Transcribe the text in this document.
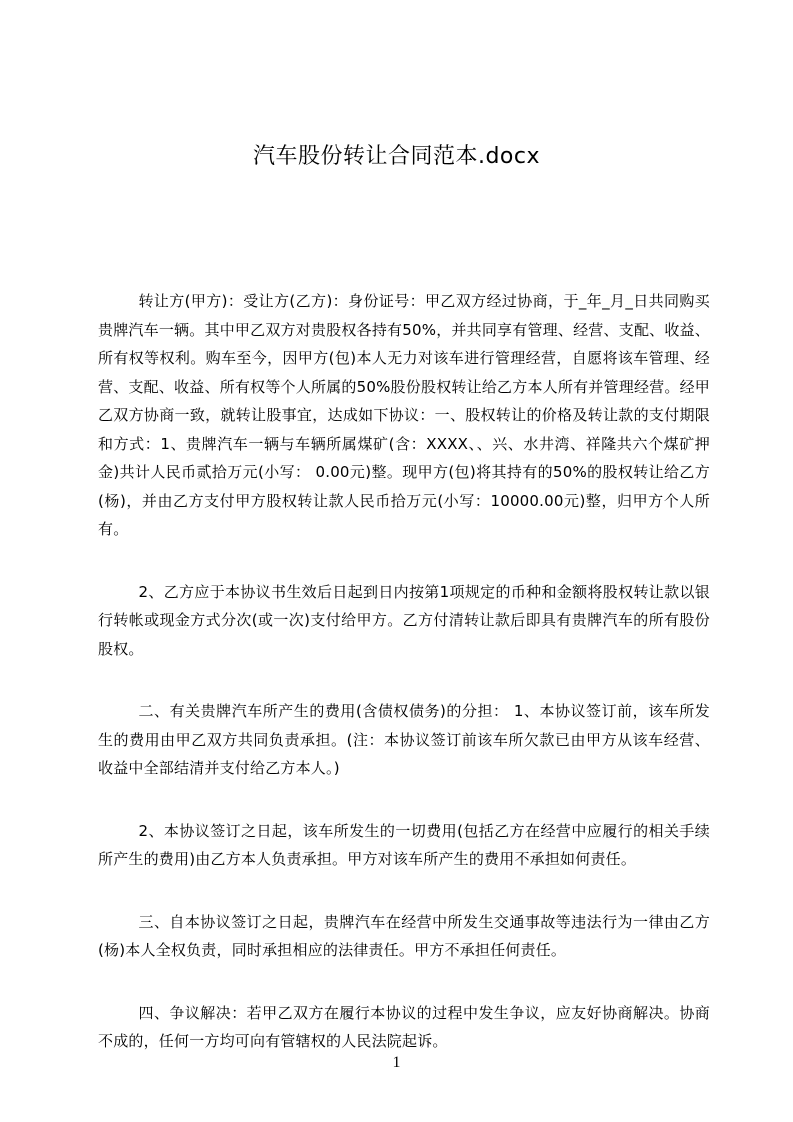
汽车股份转让合同范本.docx

转让方(甲方)：受让方(乙方)：身份证号：甲乙双方经过协商，于_年_月_日共同购买贵牌汽车一辆。其中甲乙双方对贵股权各持有50%，并共同享有管理、经营、支配、收益、所有权等权利。购车至今，因甲方(包)本人无力对该车进行管理经营，自愿将该车管理、经营、支配、收益、所有权等个人所属的50%股份股权转让给乙方本人所有并管理经营。经甲乙双方协商一致，就转让股事宜，达成如下协议：一、股权转让的价格及转让款的支付期限和方式：1、贵牌汽车一辆与车辆所属煤矿(含：XXXX、、兴、水井湾、祥隆共六个煤矿押金)共计人民币贰拾万元(小写： 0.00元)整。现甲方(包)将其持有的50%的股权转让给乙方(杨)，并由乙方支付甲方股权转让款人民币拾万元(小写：10000.00元)整，归甲方个人所有。

2、乙方应于本协议书生效后日起到日内按第1项规定的币种和金额将股权转让款以银行转帐或现金方式分次(或一次)支付给甲方。乙方付清转让款后即具有贵牌汽车的所有股份股权。

二、有关贵牌汽车所产生的费用(含债权债务)的分担： 1、本协议签订前，该车所发生的费用由甲乙双方共同负责承担。(注：本协议签订前该车所欠款已由甲方从该车经营、收益中全部结清并支付给乙方本人。)

2、本协议签订之日起，该车所发生的一切费用(包括乙方在经营中应履行的相关手续所产生的费用)由乙方本人负责承担。甲方对该车所产生的费用不承担如何责任。

三、自本协议签订之日起，贵牌汽车在经营中所发生交通事故等违法行为一律由乙方(杨)本人全权负责，同时承担相应的法律责任。甲方不承担任何责任。

四、争议解决：若甲乙双方在履行本协议的过程中发生争议，应友好协商解决。协商不成的，任何一方均可向有管辖权的人民法院起诉。

1
